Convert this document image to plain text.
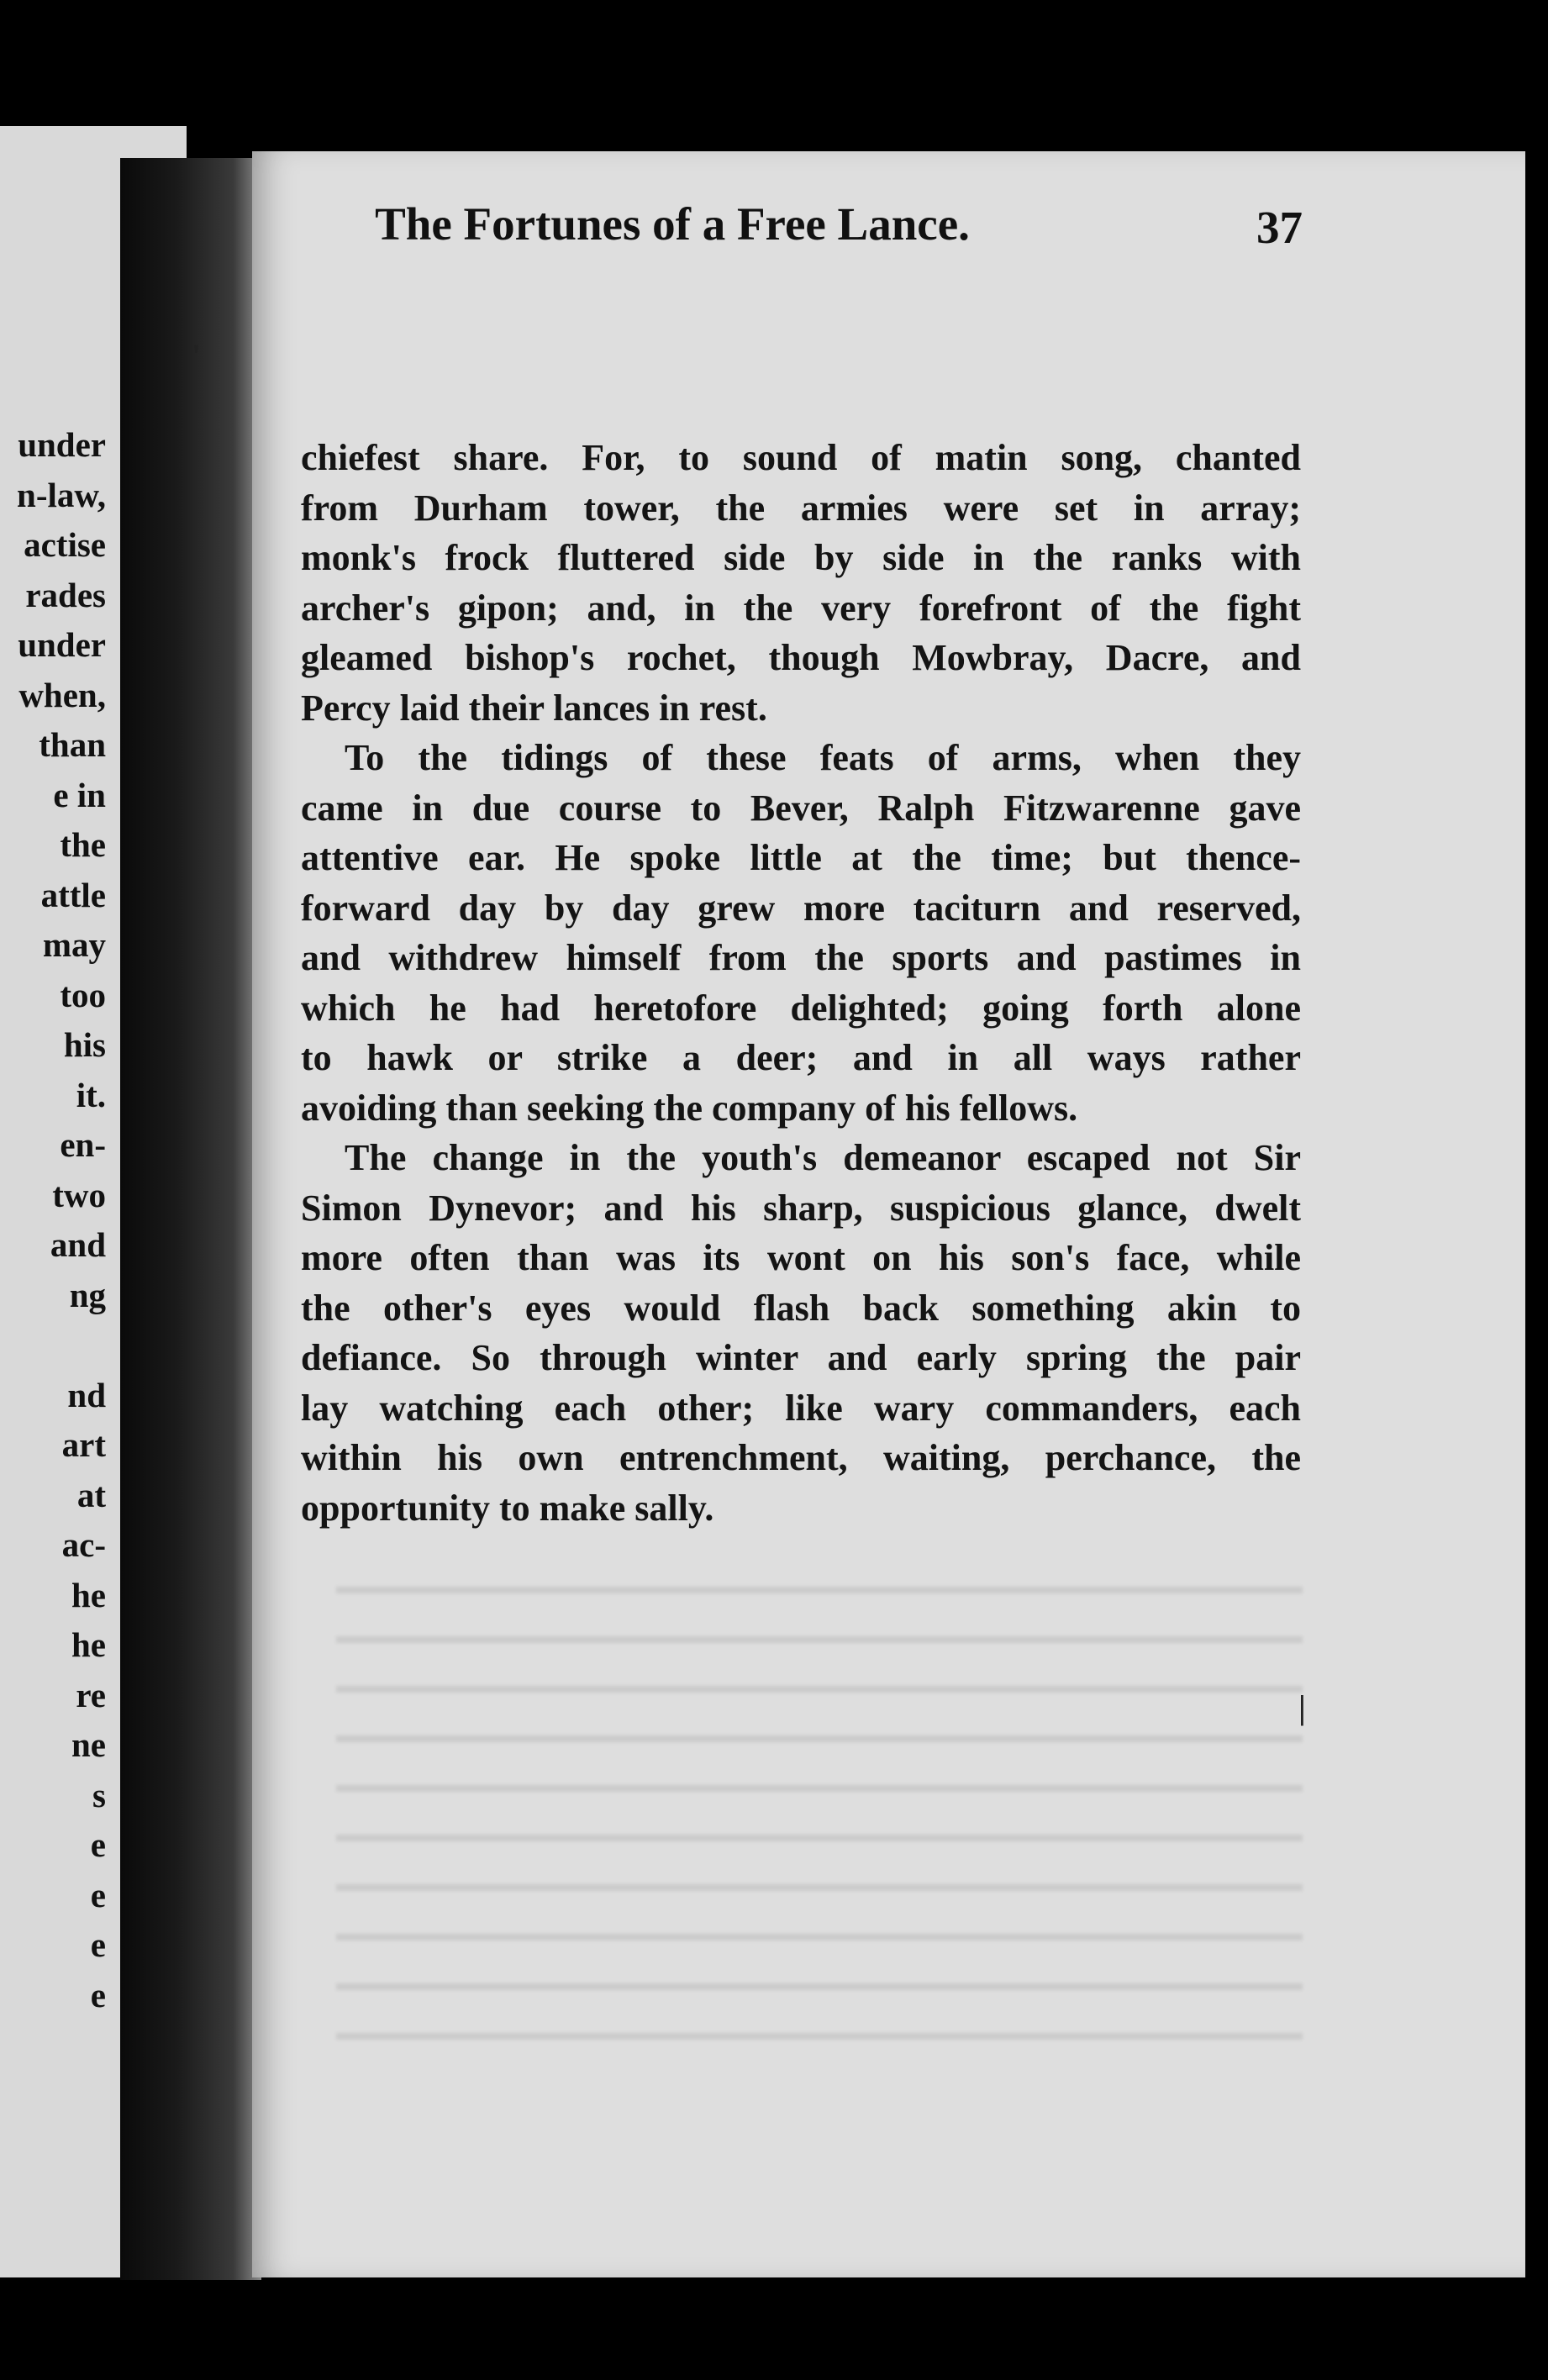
under
n-law,
actise
rades
under
when,
than
e in
the
attle
may
too
his
it.
en-
two
and
ng
nd
art
at
ac-
he
he
re
ne
s
e
e
e
e
The Fortunes of a Free Lance.	37
chiefest share. For, to sound of matin song, chanted
from Durham tower, the armies were set in array;
monk's frock fluttered side by side in the ranks with
archer's gipon; and, in the very forefront of the fight
gleamed bishop's rochet, though Mowbray, Dacre, and
Percy laid their lances in rest.
To the tidings of these feats of arms, when they
came in due course to Bever, Ralph Fitzwarenne gave
attentive ear. He spoke little at the time; but thence-
forward day by day grew more taciturn and reserved,
and withdrew himself from the sports and pastimes in
which he had heretofore delighted; going forth alone
to hawk or strike a deer; and in all ways rather
avoiding than seeking the company of his fellows.
The change in the youth's demeanor escaped not Sir
Simon Dynevor; and his sharp, suspicious glance, dwelt
more often than was its wont on his son's face, while
the other's eyes would flash back something akin to
defiance. So through winter and early spring the pair
lay watching each other; like wary commanders, each
within his own entrenchment, waiting, perchance, the
opportunity to make sally.
'
|
